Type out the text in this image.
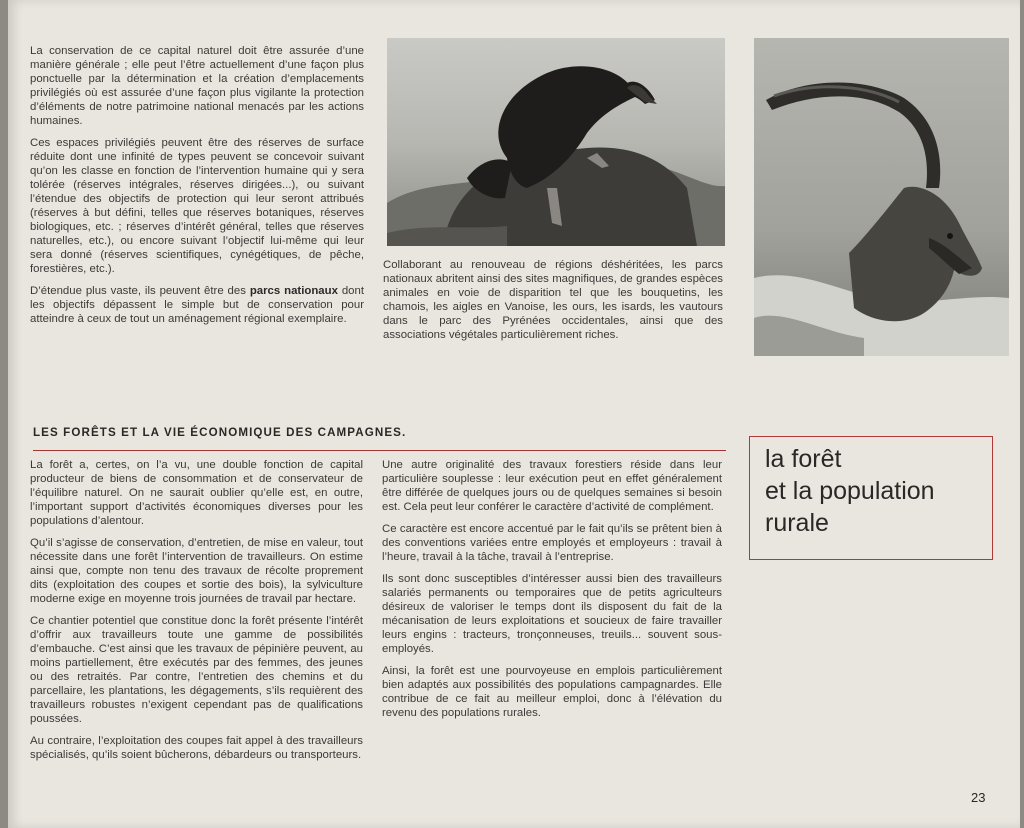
La conservation de ce capital naturel doit être assurée d’une manière générale ; elle peut l’être actuellement d’une façon plus ponctuelle par la détermination et la création d’emplacements privilégiés où est assurée d’une façon plus vigilante la protection d’éléments de notre patrimoine national menacés par les actions humaines.

Ces espaces privilégiés peuvent être des réserves de surface réduite dont une infinité de types peuvent se concevoir suivant qu’on les classe en fonction de l’intervention humaine qui y sera tolérée (réserves intégrales, réserves dirigées...), ou suivant l’étendue des objectifs de protection qui leur seront attribués (réserves à but défini, telles que réserves botaniques, réserves biologiques, etc. ; réserves d’intérêt général, telles que réserves naturelles, etc.), ou encore suivant l’objectif lui-même qui leur sera donné (réserves scientifiques, cynégétiques, de pêche, forestières, etc.).

D’étendue plus vaste, ils peuvent être des parcs nationaux dont les objectifs dépassent le simple but de conservation pour atteindre à ceux de tout un aménagement régional exemplaire.

Collaborant au renouveau de régions déshéritées, les parcs nationaux abritent ainsi des sites magnifiques, de grandes espèces animales en voie de disparition tel que les bouquetins, les chamois, les aigles en Vanoise, les ours, les isards, les vautours dans le parc des Pyrénées occidentales, ainsi que des associations végétales particulièrement riches.
LES FORÊTS ET LA VIE ÉCONOMIQUE DES CAMPAGNES.

La forêt a, certes, on l’a vu, une double fonction de capital producteur de biens de consommation et de conservateur de l’équilibre naturel. On ne saurait oublier qu’elle est, en outre, l’important support d’activités économiques diverses pour les populations d’alentour.

Qu’il s’agisse de conservation, d’entretien, de mise en valeur, tout nécessite dans une forêt l’intervention de travailleurs. On estime ainsi que, compte non tenu des travaux de récolte proprement dits (exploitation des coupes et sortie des bois), la sylviculture moderne exige en moyenne trois journées de travail par hectare.

Ce chantier potentiel que constitue donc la forêt présente l’intérêt d’offrir aux travailleurs toute une gamme de possibilités d’embauche. C’est ainsi que les travaux de pépinière peuvent, au moins partiellement, être exécutés par des femmes, des jeunes ou des retraités. Par contre, l’entretien des chemins et du parcellaire, les plantations, les dégagements, s’ils requièrent des travailleurs robustes n’exigent cependant pas de qualifications poussées.

Au contraire, l’exploitation des coupes fait appel à des travailleurs spécialisés, qu’ils soient bûcherons, débardeurs ou transporteurs.

Une autre originalité des travaux forestiers réside dans leur particulière souplesse : leur exécution peut en effet généralement être différée de quelques jours ou de quelques semaines si besoin est. Cela peut leur conférer le caractère d’activité de complément.

Ce caractère est encore accentué par le fait qu’ils se prêtent bien à des conventions variées entre employés et employeurs : travail à l’heure, travail à la tâche, travail à l’entreprise.

Ils sont donc susceptibles d’intéresser aussi bien des travailleurs salariés permanents ou temporaires que de petits agriculteurs désireux de valoriser le temps dont ils disposent du fait de la mécanisation de leurs exploitations et soucieux de faire travailler leurs engins : tracteurs, tronçonneuses, treuils... souvent sous-employés.

Ainsi, la forêt est une pourvoyeuse en emplois particulièrement bien adaptés aux possibilités des populations campagnardes. Elle contribue de ce fait au meilleur emploi, donc à l’élévation du revenu des populations rurales.

la forêt
et la population
rurale
23
